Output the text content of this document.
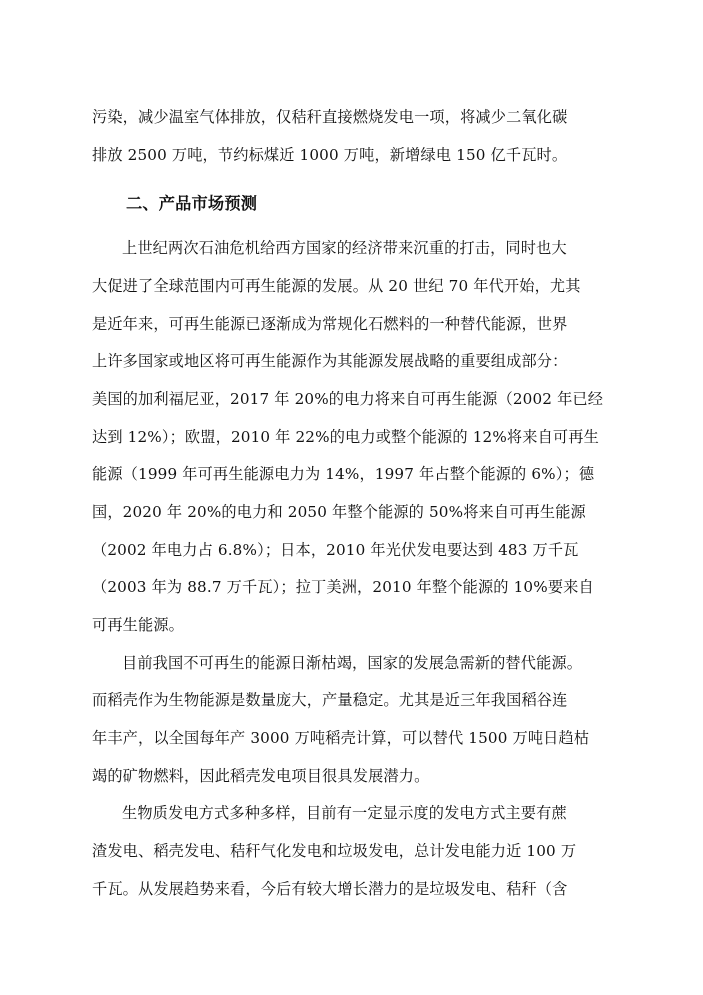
污染，减少温室气体排放，仅秸秆直接燃烧发电一项，将减少二氧化碳
排放 2500 万吨，节约标煤近 1000 万吨，新增绿电 150 亿千瓦时。
二、产品市场预测
上世纪两次石油危机给西方国家的经济带来沉重的打击，同时也大
大促进了全球范围内可再生能源的发展。从 20 世纪 70 年代开始，尤其
是近年来，可再生能源已逐渐成为常规化石燃料的一种替代能源，世界
上许多国家或地区将可再生能源作为其能源发展战略的重要组成部分：
美国的加利福尼亚，2017 年 20%的电力将来自可再生能源（2002 年已经
达到 12%）；欧盟，2010 年 22%的电力或整个能源的 12%将来自可再生
能源（1999 年可再生能源电力为 14%，1997 年占整个能源的 6%）；德
国，2020 年 20%的电力和 2050 年整个能源的 50%将来自可再生能源
（2002 年电力占 6.8%）；日本，2010 年光伏发电要达到 483 万千瓦
（2003 年为 88.7 万千瓦）；拉丁美洲，2010 年整个能源的 10%要来自
可再生能源。
目前我国不可再生的能源日渐枯竭，国家的发展急需新的替代能源。
而稻壳作为生物能源是数量庞大，产量稳定。尤其是近三年我国稻谷连
年丰产，以全国每年产 3000 万吨稻壳计算，可以替代 1500 万吨日趋枯
竭的矿物燃料，因此稻壳发电项目很具发展潜力。
生物质发电方式多种多样，目前有一定显示度的发电方式主要有蔗
渣发电、稻壳发电、秸秆气化发电和垃圾发电，总计发电能力近 100 万
千瓦。从发展趋势来看，今后有较大增长潜力的是垃圾发电、秸秆（含
